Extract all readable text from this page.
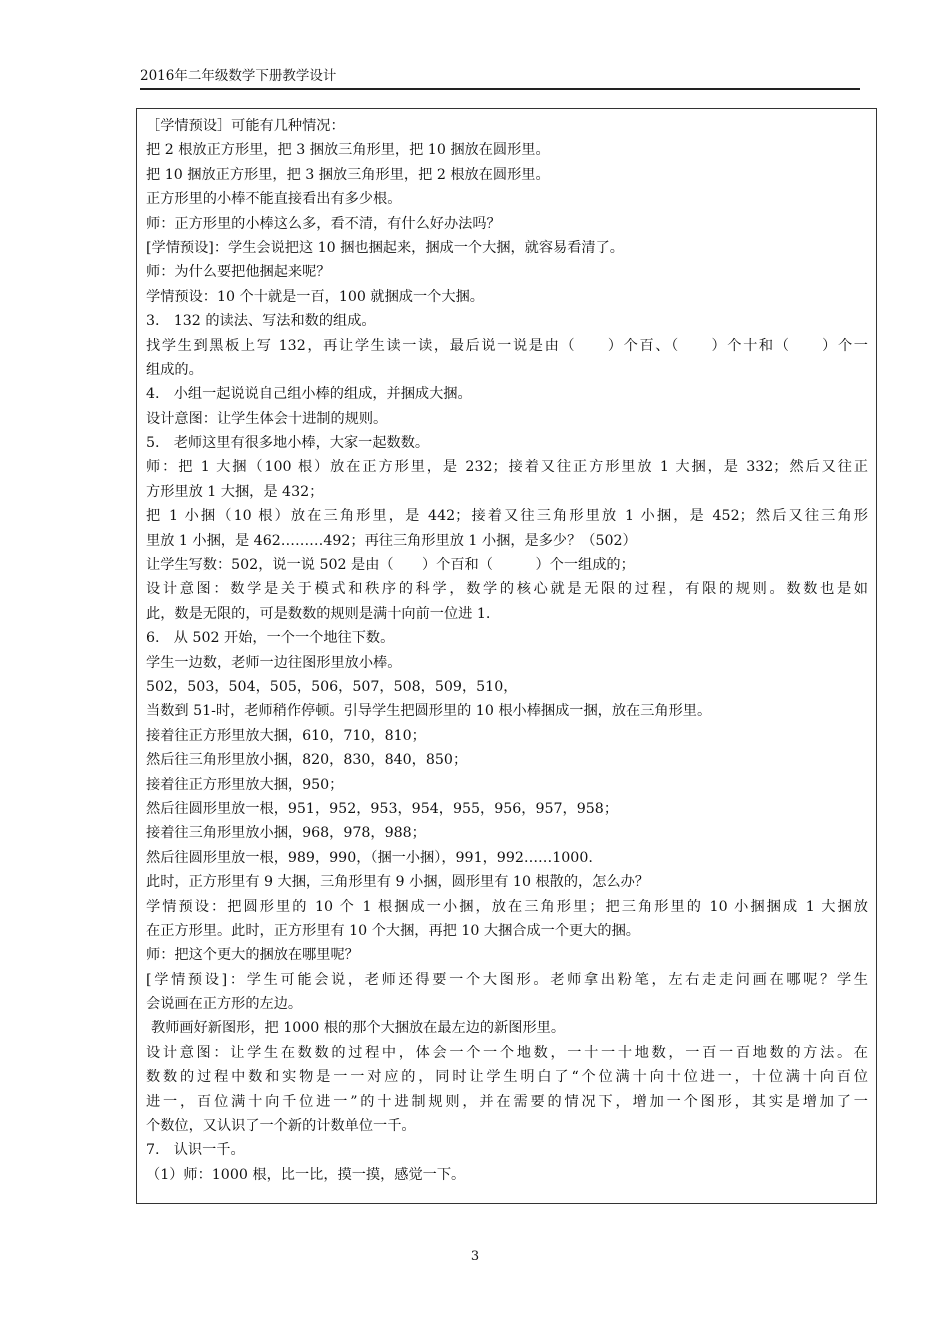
2016年二年级数学下册教学设计
［学情预设］可能有几种情况：
把 2 根放正方形里，把 3 捆放三角形里，把 10 捆放在圆形里。
把 10 捆放正方形里，把 3 捆放三角形里，把 2 根放在圆形里。
正方形里的小棒不能直接看出有多少根。
师：正方形里的小棒这么多，看不清，有什么好办法吗？
[学情预设]：学生会说把这 10 捆也捆起来，捆成一个大捆，就容易看清了。
师：为什么要把他捆起来呢？
学情预设：10 个十就是一百，100 就捆成一个大捆。
3.　132 的读法、写法和数的组成。
找学生到黑板上写 132，再让学生读一读，最后说一说是由（　　）个百、（　　）个十和（　　）个一
组成的。
4.　小组一起说说自己组小棒的组成，并捆成大捆。
设计意图：让学生体会十进制的规则。
5.　老师这里有很多地小棒，大家一起数数。
师：把 1 大捆（100 根）放在正方形里，是 232；接着又往正方形里放 1 大捆，是 332；然后又往正
方形里放 1 大捆，是 432；
把 1 小捆（10 根）放在三角形里，是 442；接着又往三角形里放 1 小捆，是 452；然后又往三角形
里放 1 小捆，是 462………492；再往三角形里放 1 小捆，是多少？（502）
让学生写数：502，说一说 502 是由（　　）个百和（　　　）个一组成的；
设计意图：数学是关于模式和秩序的科学，数学的核心就是无限的过程，有限的规则。数数也是如
此，数是无限的，可是数数的规则是满十向前一位进 1.
6.　从 502 开始，一个一个地往下数。
学生一边数，老师一边往图形里放小棒。
502，503，504，505，506，507，508，509，510，
当数到 51-时，老师稍作停顿。引导学生把圆形里的 10 根小棒捆成一捆，放在三角形里。
接着往正方形里放大捆，610，710，810；
然后往三角形里放小捆，820，830，840，850；
接着往正方形里放大捆，950；
然后往圆形里放一根，951，952，953，954，955，956，957，958；
接着往三角形里放小捆，968，978，988；
然后往圆形里放一根，989，990，（捆一小捆），991，992……1000.
此时，正方形里有 9 大捆，三角形里有 9 小捆，圆形里有 10 根散的，怎么办？
学情预设：把圆形里的 10 个 1 根捆成一小捆，放在三角形里；把三角形里的 10 小捆捆成 1 大捆放
在正方形里。此时，正方形里有 10 个大捆，再把 10 大捆合成一个更大的捆。
师：把这个更大的捆放在哪里呢？
[学情预设]：学生可能会说，老师还得要一个大图形。老师拿出粉笔，左右走走问画在哪呢？学生
会说画在正方形的左边。
教师画好新图形，把 1000 根的那个大捆放在最左边的新图形里。
设计意图：让学生在数数的过程中，体会一个一个地数，一十一十地数，一百一百地数的方法。在
数数的过程中数和实物是一一对应的，同时让学生明白了“个位满十向十位进一，十位满十向百位
进一，百位满十向千位进一”的十进制规则，并在需要的情况下，增加一个图形，其实是增加了一
个数位，又认识了一个新的计数单位一千。
7.　认识一千。
（1）师：1000 根，比一比，摸一摸，感觉一下。
3
